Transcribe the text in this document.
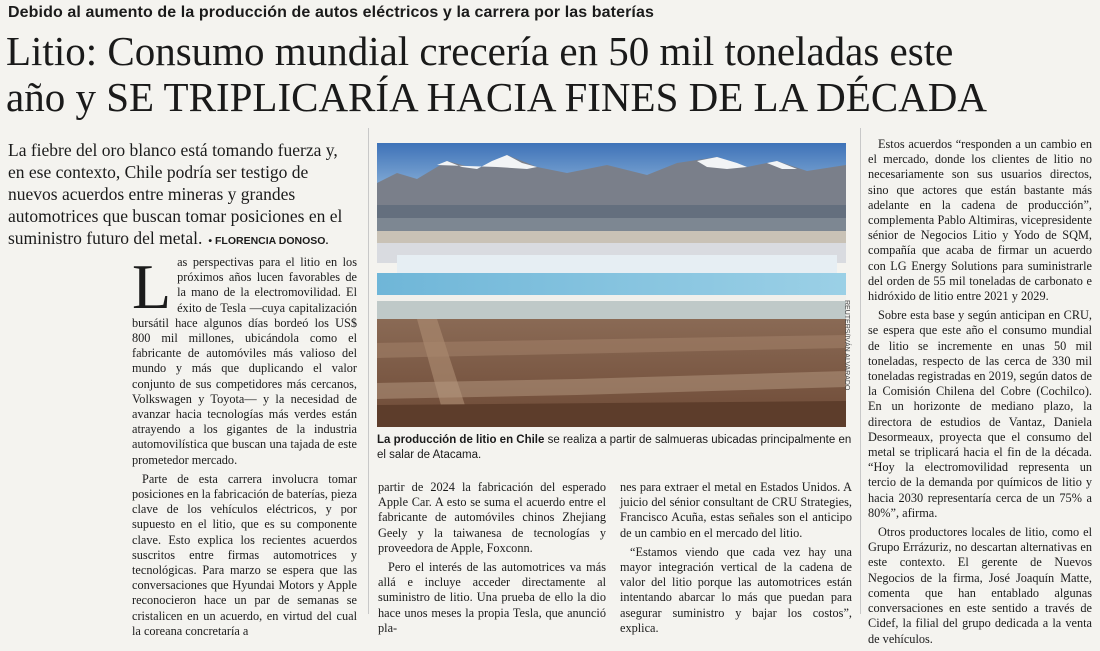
Debido al aumento de la producción de autos eléctricos y la carrera por las baterías
Litio: Consumo mundial crecería en 50 mil toneladas este
año y SE TRIPLICARÍA HACIA FINES DE LA DÉCADA
La fiebre del oro blanco está tomando fuerza y, en ese contexto, Chile podría ser testigo de nuevos acuerdos entre mineras y grandes automotrices que buscan tomar posiciones en el suministro futuro del metal. • FLORENCIA DONOSO.

Las perspectivas para el litio en los próximos años lucen favorables de la mano de la electromovilidad. El éxito de Tesla —cuya capitalización bursátil hace algunos días bordeó los US$ 800 mil millones, ubicándola como el fabricante de automóviles más valioso del mundo y más que duplicando el valor conjunto de sus competidores más cercanos, Volkswagen y Toyota— y la necesidad de avanzar hacia tecnologías más verdes están atrayendo a los gigantes de la industria automovilística que buscan una tajada de este prometedor mercado.

Parte de esta carrera involucra tomar posiciones en la fabricación de baterías, pieza clave de los vehículos eléctricos, y por supuesto en el litio, que es su componente clave. Esto explica los recientes acuerdos suscritos entre firmas automotrices y tecnológicas. Para marzo se espera que las conversaciones que Hyundai Motors y Apple reconocieron hace un par de semanas se cristalicen en un acuerdo, en virtud del cual la coreana concretaría a

REUTERS/IVÁN ALVARADO
La producción de litio en Chile se realiza a partir de salmueras ubicadas principalmente en el salar de Atacama.

partir de 2024 la fabricación del esperado Apple Car. A esto se suma el acuerdo entre el fabricante de automóviles chinos Zhejiang Geely y la taiwanesa de tecnologías y proveedora de Apple, Foxconn.

Pero el interés de las automotrices va más allá e incluye acceder directamente al suministro de litio. Una prueba de ello la dio hace unos meses la propia Tesla, que anunció pla-

nes para extraer el metal en Estados Unidos. A juicio del sénior consultant de CRU Strategies, Francisco Acuña, estas señales son el anticipo de un cambio en el mercado del litio.

“Estamos viendo que cada vez hay una mayor integración vertical de la cadena de valor del litio porque las automotrices están intentando abarcar lo más que puedan para asegurar suministro y bajar los costos”, explica.

Estos acuerdos “responden a un cambio en el mercado, donde los clientes de litio no necesariamente son sus usuarios directos, sino que actores que están bastante más adelante en la cadena de producción”, complementa Pablo Altimiras, vicepresidente sénior de Negocios Litio y Yodo de SQM, compañía que acaba de firmar un acuerdo con LG Energy Solutions para suministrarle del orden de 55 mil toneladas de carbonato e hidróxido de litio entre 2021 y 2029.

Sobre esta base y según anticipan en CRU, se espera que este año el consumo mundial de litio se incremente en unas 50 mil toneladas, respecto de las cerca de 330 mil toneladas registradas en 2019, según datos de la Comisión Chilena del Cobre (Cochilco). En un horizonte de mediano plazo, la directora de estudios de Vantaz, Daniela Desormeaux, proyecta que el consumo del metal se triplicará hacia el fin de la década. “Hoy la electromovilidad representa un tercio de la demanda por químicos de litio y hacia 2030 representaría cerca de un 75% a 80%”, afirma.

Otros productores locales de litio, como el Grupo Errázuriz, no descartan alternativas en este contexto. El gerente de Nuevos Negocios de la firma, José Joaquín Matte, comenta que han entablado algunas conversaciones en este sentido a través de Cidef, la filial del grupo dedicada a la venta de vehículos.
